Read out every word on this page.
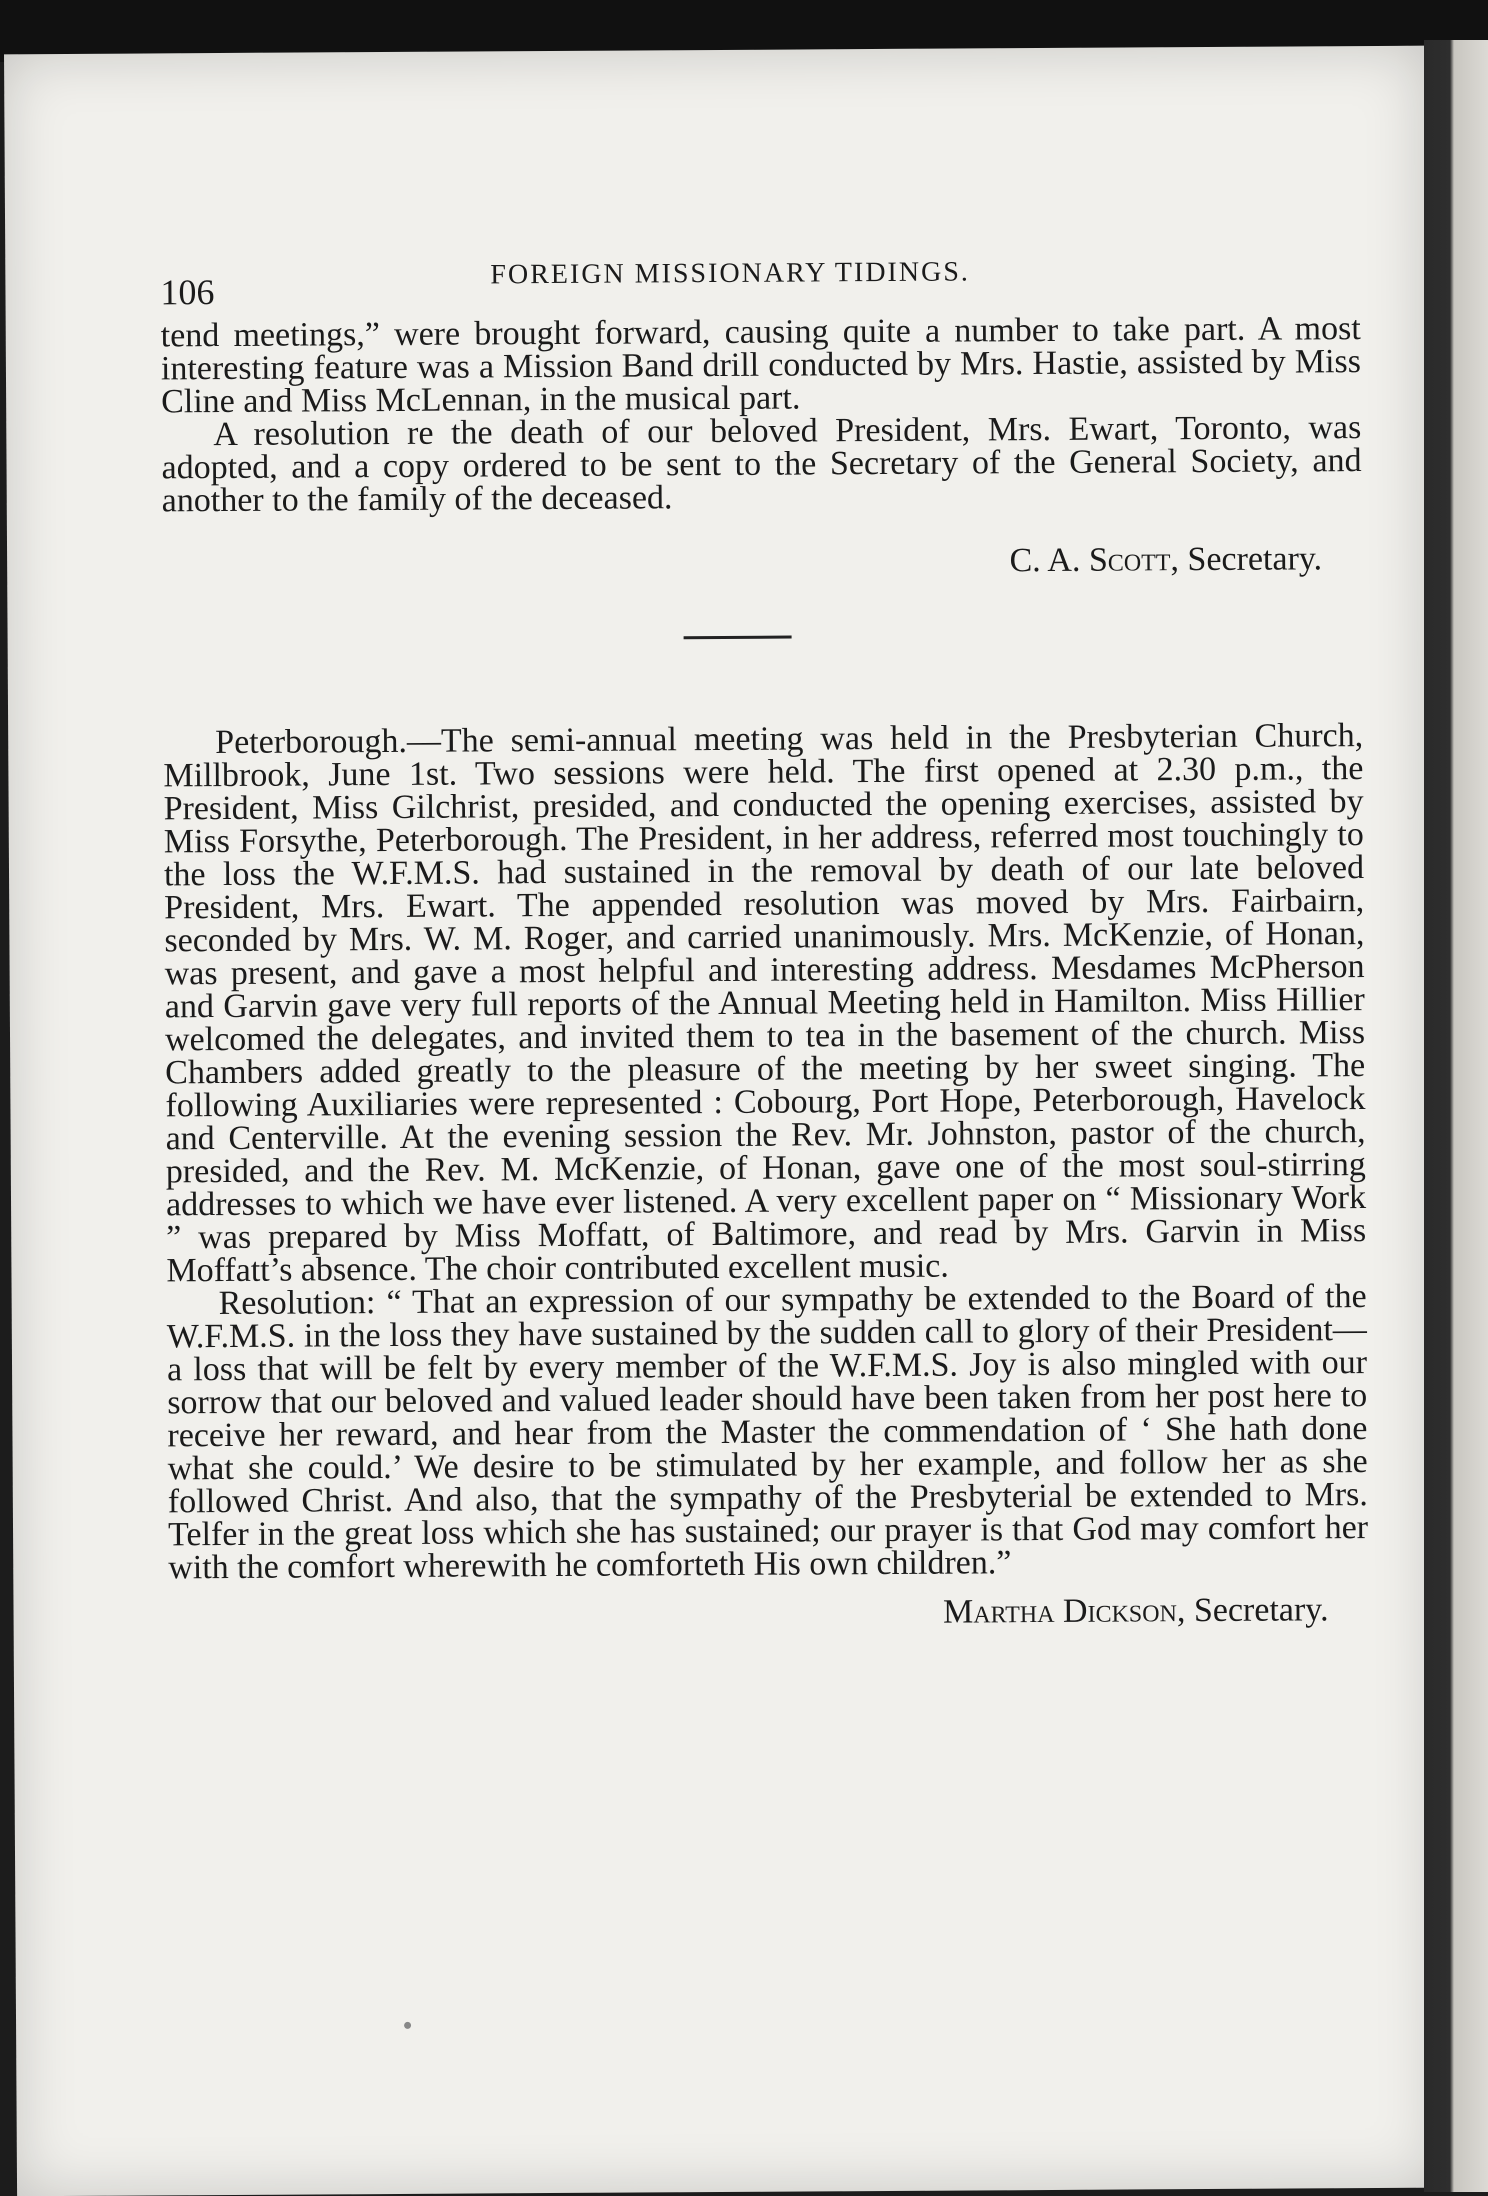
106	FOREIGN MISSIONARY TIDINGS.

tend meetings,” were brought forward, causing quite a number to take part. A most interesting feature was a Mission Band drill conducted by Mrs. Hastie, assisted by Miss Cline and Miss McLennan, in the musical part.

A resolution re the death of our beloved President, Mrs. Ewart, Toronto, was adopted, and a copy ordered to be sent to the Secretary of the General Society, and another to the family of the deceased.

C. A. Scott, Secretary.

Peterborough.—The semi-annual meeting was held in the Presbyterian Church, Millbrook, June 1st. Two sessions were held. The first opened at 2.30 p.m., the President, Miss Gilchrist, presided, and conducted the opening exercises, assisted by Miss Forsythe, Peterborough. The President, in her address, referred most touchingly to the loss the W.F.M.S. had sustained in the removal by death of our late beloved President, Mrs. Ewart. The appended resolution was moved by Mrs. Fairbairn, seconded by Mrs. W. M. Roger, and carried unanimously. Mrs. McKenzie, of Honan, was present, and gave a most helpful and interesting address. Mesdames McPherson and Garvin gave very full reports of the Annual Meeting held in Hamilton. Miss Hillier welcomed the delegates, and invited them to tea in the basement of the church. Miss Chambers added greatly to the pleasure of the meeting by her sweet singing. The following Auxiliaries were represented : Cobourg, Port Hope, Peterborough, Havelock and Centerville. At the evening session the Rev. Mr. Johnston, pastor of the church, presided, and the Rev. M. McKenzie, of Honan, gave one of the most soul-stirring addresses to which we have ever listened. A very excellent paper on “ Missionary Work ” was prepared by Miss Moffatt, of Baltimore, and read by Mrs. Garvin in Miss Moffatt’s absence. The choir contributed excellent music.

Resolution: “ That an expression of our sympathy be extended to the Board of the W.F.M.S. in the loss they have sustained by the sudden call to glory of their President—a loss that will be felt by every member of the W.F.M.S. Joy is also mingled with our sorrow that our beloved and valued leader should have been taken from her post here to receive her reward, and hear from the Master the commendation of ‘ She hath done what she could.’ We desire to be stimulated by her example, and follow her as she followed Christ. And also, that the sympathy of the Presbyterial be extended to Mrs. Telfer in the great loss which she has sustained; our prayer is that God may comfort her with the comfort wherewith he comforteth His own children.”

Martha Dickson, Secretary.
